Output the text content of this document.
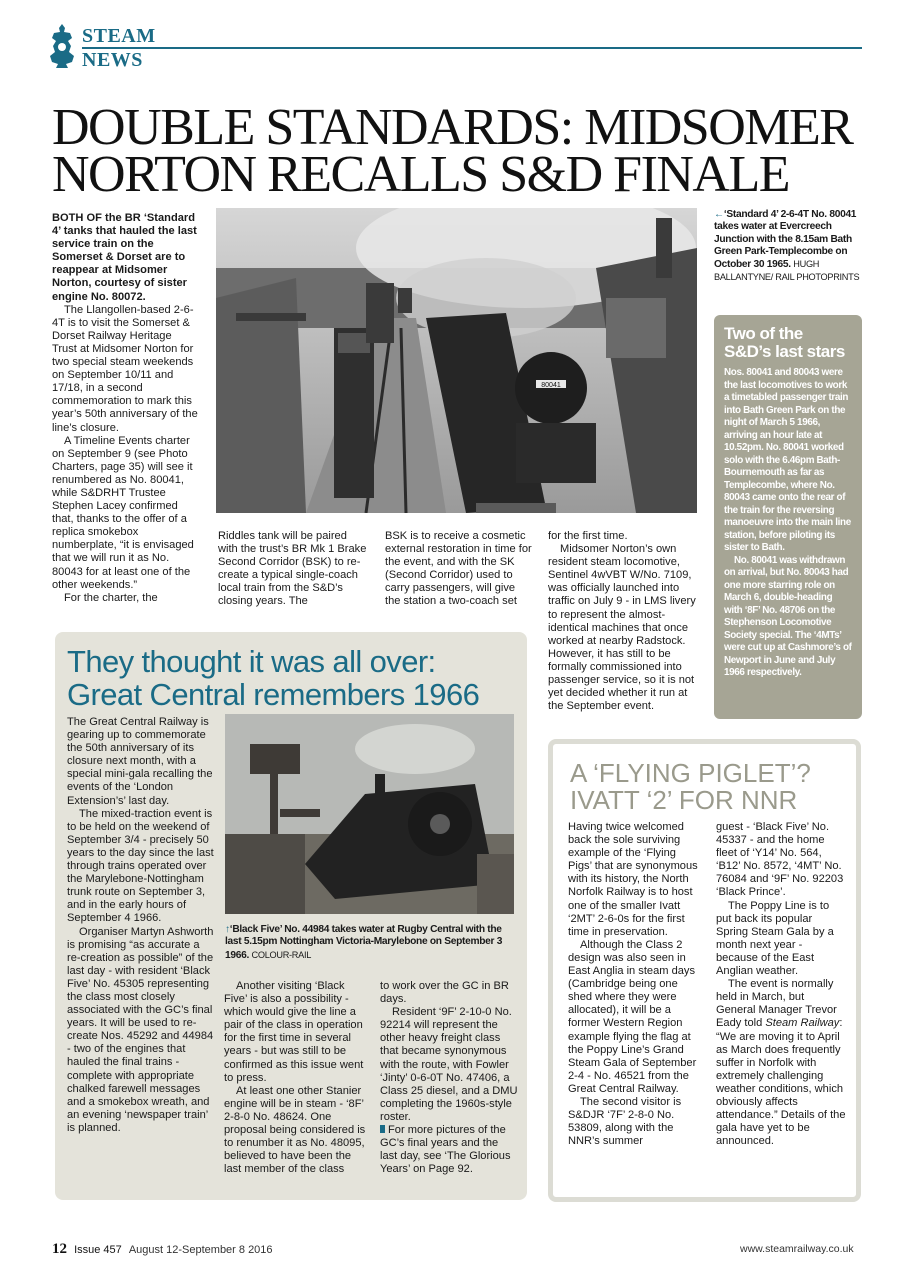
STEAM
NEWS
DOUBLE STANDARDS: MIDSOMER
NORTON RECALLS S&D FINALE

BOTH OF the BR ‘Standard 4’ tanks that hauled the last service train on the Somerset & Dorset are to reappear at Midsomer Norton, courtesy of sister engine No. 80072.

The Llangollen-based 2-6-4T is to visit the Somerset & Dorset Railway Heritage Trust at Midsomer Norton for two special steam weekends on September 10/11 and 17/18, in a second commemoration to mark this year’s 50th anniversary of the line’s closure.

A Timeline Events charter on September 9 (see Photo Charters, page 35) will see it renumbered as No. 80041, while S&DRHT Trustee Stephen Lacey confirmed that, thanks to the offer of a replica smokebox numberplate, “it is envisaged that we will run it as No. 80043 for at least one of the other weekends.”

For the charter, the

80041
←‘Standard 4’ 2-6-4T No. 80041 takes water at Evercreech Junction with the 8.15am Bath Green Park-Templecombe on October 30 1965. HUGH BALLANTYNE/ RAIL PHOTOPRINTS

Riddles tank will be paired with the trust’s BR Mk 1 Brake Second Corridor (BSK) to re-create a typical single-coach local train from the S&D’s closing years. The

BSK is to receive a cosmetic external restoration in time for the event, and with the SK (Second Corridor) used to carry passengers, will give the station a two-coach set

for the first time.

Midsomer Norton’s own resident steam locomotive, Sentinel 4wVBT W/No. 7109, was officially launched into traffic on July 9 - in LMS livery to represent the almost-identical machines that once worked at nearby Radstock. However, it has still to be formally commissioned into passenger service, so it is not yet decided whether it run at the September event.

Two of the
S&D’s last stars

Nos. 80041 and 80043 were the last locomotives to work a timetabled passenger train into Bath Green Park on the night of March 5 1966, arriving an hour late at 10.52pm. No. 80041 worked solo with the 6.46pm Bath-Bournemouth as far as Templecombe, where No. 80043 came onto the rear of the train for the reversing manoeuvre into the main line station, before piloting its sister to Bath.

No. 80041 was withdrawn on arrival, but No. 80043 had one more starring role on March 6, double-heading with ‘8F’ No. 48706 on the Stephenson Locomotive Society special. The ‘4MTs’ were cut up at Cashmore’s of Newport in June and July 1966 respectively.

They thought it was all over:
Great Central remembers 1966

The Great Central Railway is gearing up to commemorate the 50th anniversary of its closure next month, with a special mini-gala recalling the events of the ‘London Extension’s’ last day.

The mixed-traction event is to be held on the weekend of September 3/4 - precisely 50 years to the day since the last through trains operated over the Marylebone-Nottingham trunk route on September 3, and in the early hours of September 4 1966.

Organiser Martyn Ashworth is promising “as accurate a re-creation as possible” of the last day - with resident ‘Black Five’ No. 45305 representing the class most closely associated with the GC’s final years. It will be used to re-create Nos. 45292 and 44984 - two of the engines that hauled the final trains - complete with appropriate chalked farewell messages and a smokebox wreath, and an evening ‘newspaper train’ is planned.

↑‘Black Five’ No. 44984 takes water at Rugby Central with the last 5.15pm Nottingham Victoria-Marylebone on September 3 1966. COLOUR-RAIL

Another visiting ‘Black Five’ is also a possibility - which would give the line a pair of the class in operation for the first time in several years - but was still to be confirmed as this issue went to press.

At least one other Stanier engine will be in steam - ‘8F’ 2-8-0 No. 48624. One proposal being considered is to renumber it as No. 48095, believed to have been the last member of the class

to work over the GC in BR days.

Resident ‘9F’ 2-10-0 No. 92214 will represent the other heavy freight class that became synonymous with the route, with Fowler ‘Jinty’ 0-6-0T No. 47406, a Class 25 diesel, and a DMU completing the 1960s-style roster.

For more pictures of the GC’s final years and the last day, see ‘The Glorious Years’ on Page 92.

A ‘FLYING PIGLET’?
IVATT ‘2’ FOR NNR

Having twice welcomed back the sole surviving example of the ‘Flying Pigs’ that are synonymous with its history, the North Norfolk Railway is to host one of the smaller Ivatt ‘2MT’ 2-6-0s for the first time in preservation.

Although the Class 2 design was also seen in East Anglia in steam days (Cambridge being one shed where they were allocated), it will be a former Western Region example flying the flag at the Poppy Line’s Grand Steam Gala of September 2-4 - No. 46521 from the Great Central Railway.

The second visitor is S&DJR ‘7F’ 2-8-0 No. 53809, along with the NNR’s summer

guest - ‘Black Five’ No. 45337 - and the home fleet of ‘Y14’ No. 564, ‘B12’ No. 8572, ‘4MT’ No. 76084 and ‘9F’ No. 92203 ‘Black Prince’.

The Poppy Line is to put back its popular Spring Steam Gala by a month next year - because of the East Anglian weather.

The event is normally held in March, but General Manager Trevor Eady told Steam Railway: “We are moving it to April as March does frequently suffer in Norfolk with extremely challenging weather conditions, which obviously affects attendance.” Details of the gala have yet to be announced.

12 Issue 457 August 12-September 8 2016	www.steamrailway.co.uk
